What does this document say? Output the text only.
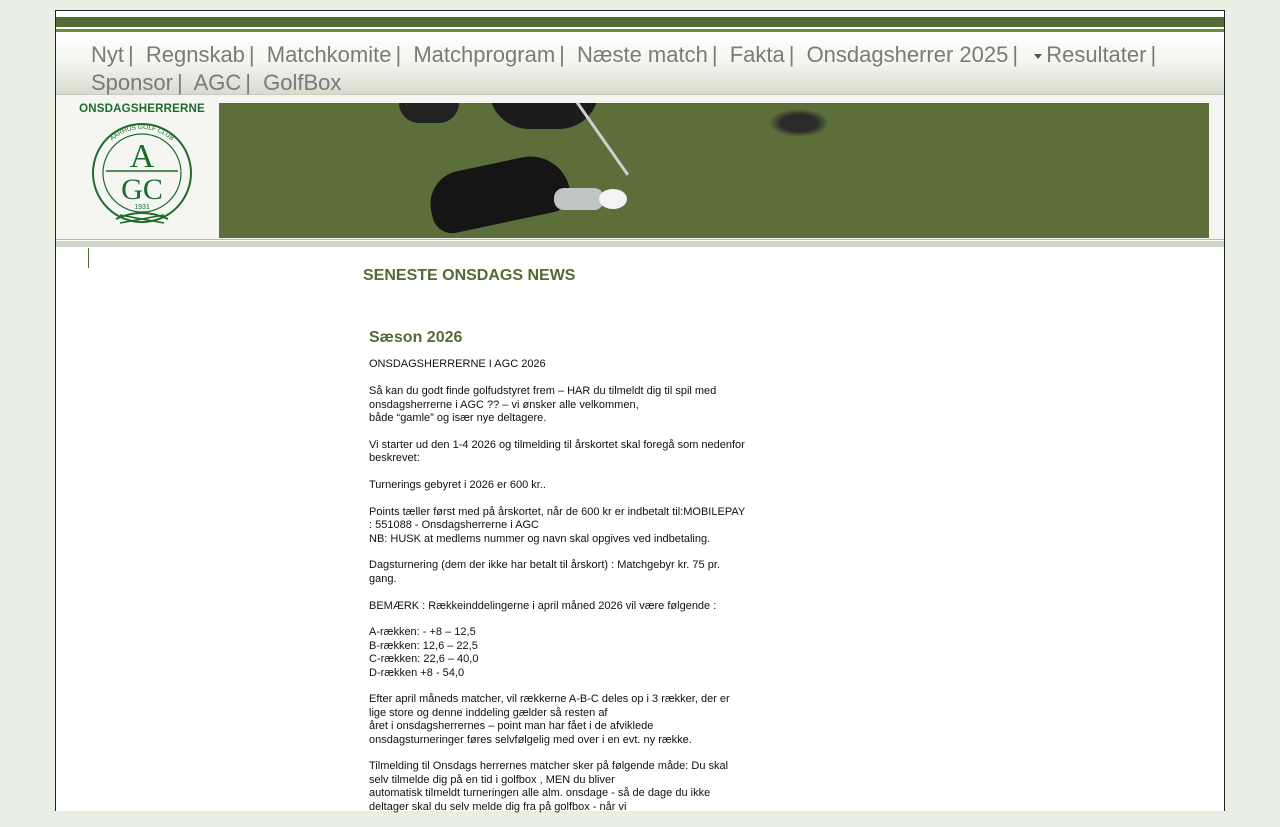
Nyt | Regnskab | Matchkomite | Matchprogram | Næste match | Fakta | Onsdagsherrer 2025 | Resultater | Sponsor | AGC | GolfBox
ONSDAGSHERRERNE
AARHUS GOLF CLUB
A
GC
1931
SENESTE ONSDAGS NEWS
Sæson 2026

ONSDAGSHERRERNE I AGC 2026

Så kan du godt finde golfudstyret frem – HAR du tilmeldt dig til spil med onsdagsherrerne i AGC ?? – vi ønsker alle velkommen,
både “gamle” og især nye deltagere.

Vi starter ud den 1-4 2026 og tilmelding til årskortet skal foregå som nedenfor beskrevet:

Turnerings gebyret i 2026 er 600 kr..

Points tæller først med på årskortet, når de 600 kr er indbetalt til:MOBILEPAY : 551088 - Onsdagsherrerne i AGC
NB: HUSK at medlems nummer og navn skal opgives ved indbetaling.

Dagsturnering (dem der ikke har betalt til årskort) : Matchgebyr kr. 75 pr. gang.

BEMÆRK : Rækkeinddelingerne i april måned 2026 vil være følgende :

A-rækken: - +8 – 12,5
B-rækken: 12,6 – 22,5
C-rækken: 22,6 – 40,0
D-rækken +8 - 54,0

Efter april måneds matcher, vil rækkerne A-B-C deles op i 3 rækker, der er lige store og denne inddeling gælder så resten af
året i onsdagsherrernes – point man har fået i de afviklede onsdagsturneringer føres selvfølgelig med over i en evt. ny række.

Tilmelding til Onsdags herrernes matcher sker på følgende måde: Du skal selv tilmelde dig på en tid i golfbox , MEN du bliver
automatisk tilmeldt turneringen alle alm. onsdage - så de dage du ikke deltager skal du selv melde dig fra på golfbox - når vi
